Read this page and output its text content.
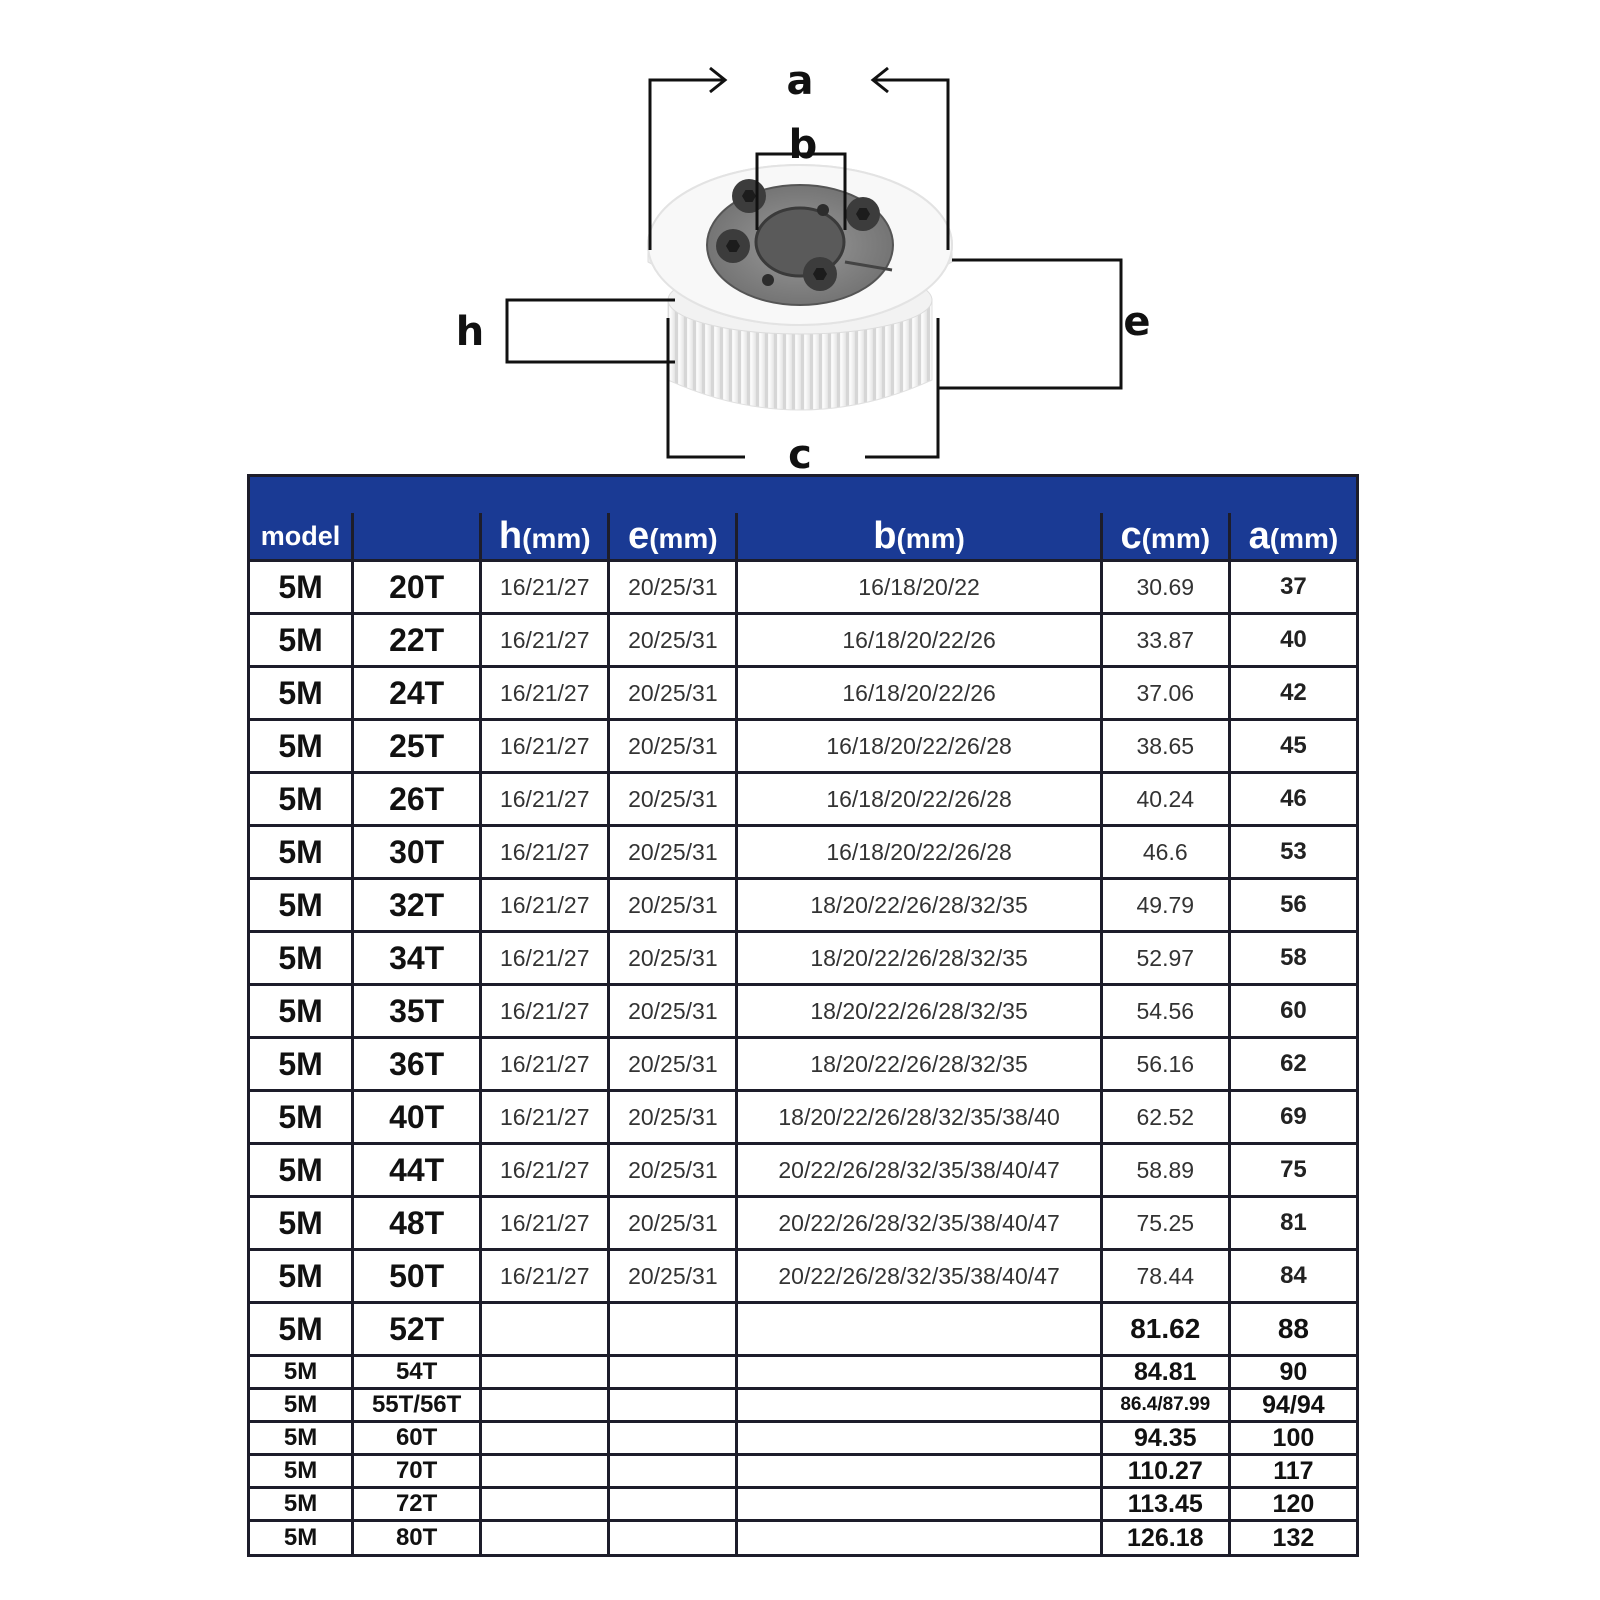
a
b
c
e
h

model		h(mm)	e(mm)	b(mm)	c(mm)	a(mm)
5M	20T	16/21/27	20/25/31	16/18/20/22	30.69	37
5M	22T	16/21/27	20/25/31	16/18/20/22/26	33.87	40
5M	24T	16/21/27	20/25/31	16/18/20/22/26	37.06	42
5M	25T	16/21/27	20/25/31	16/18/20/22/26/28	38.65	45
5M	26T	16/21/27	20/25/31	16/18/20/22/26/28	40.24	46
5M	30T	16/21/27	20/25/31	16/18/20/22/26/28	46.6	53
5M	32T	16/21/27	20/25/31	18/20/22/26/28/32/35	49.79	56
5M	34T	16/21/27	20/25/31	18/20/22/26/28/32/35	52.97	58
5M	35T	16/21/27	20/25/31	18/20/22/26/28/32/35	54.56	60
5M	36T	16/21/27	20/25/31	18/20/22/26/28/32/35	56.16	62
5M	40T	16/21/27	20/25/31	18/20/22/26/28/32/35/38/40	62.52	69
5M	44T	16/21/27	20/25/31	20/22/26/28/32/35/38/40/47	58.89	75
5M	48T	16/21/27	20/25/31	20/22/26/28/32/35/38/40/47	75.25	81
5M	50T	16/21/27	20/25/31	20/22/26/28/32/35/38/40/47	78.44	84
5M	52T				81.62	88
5M	54T				84.81	90
5M	55T/56T				86.4/87.99	94/94
5M	60T				94.35	100
5M	70T				110.27	117
5M	72T				113.45	120
5M	80T				126.18	132
